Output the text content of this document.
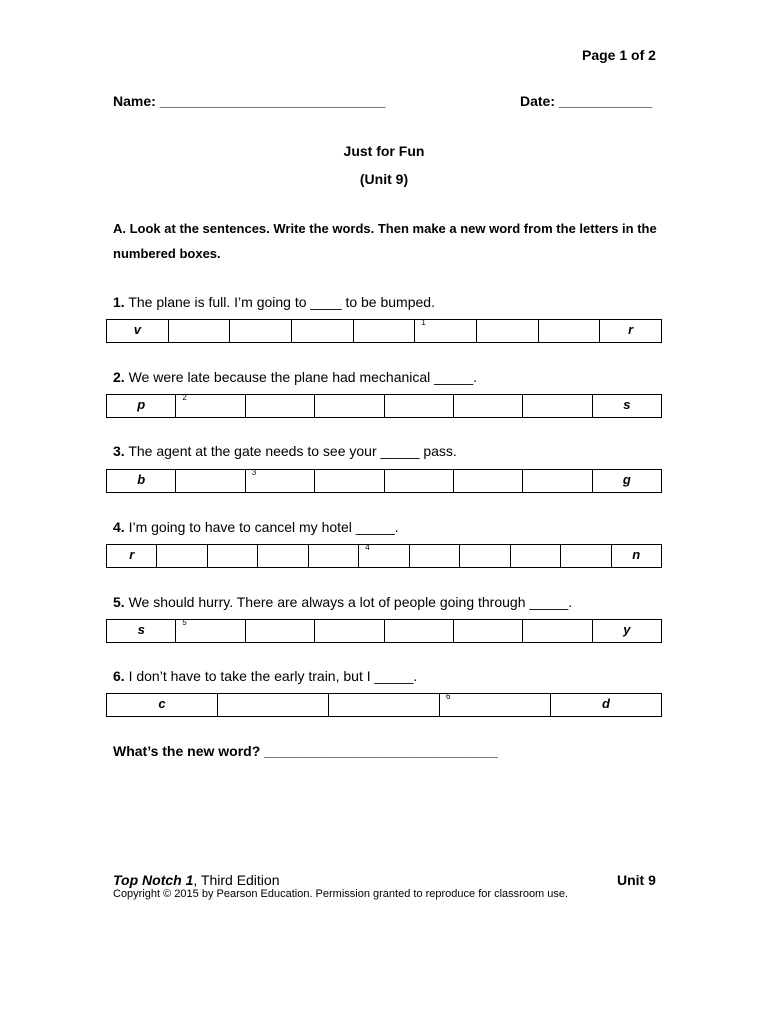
Page 1 of 2
Name: _____________________________	Date: ____________
Just for Fun
(Unit 9)
A. Look at the sentences. Write the words. Then make a new word from the letters in the numbered boxes.
1. The plane is full. I’m going to ____ to be bumped.
v	1	r
2. We were late because the plane had mechanical _____.
p	2	s
3. The agent at the gate needs to see your _____ pass.
b	3	g
4. I’m going to have to cancel my hotel _____.
r	4	n
5. We should hurry. There are always a lot of people going through _____.
s	5	y
6. I don’t have to take the early train, but I _____.
c	6	d
What’s the new word? ______________________________
Top Notch 1, Third Edition	Unit 9
Copyright © 2015 by Pearson Education. Permission granted to reproduce for classroom use.
